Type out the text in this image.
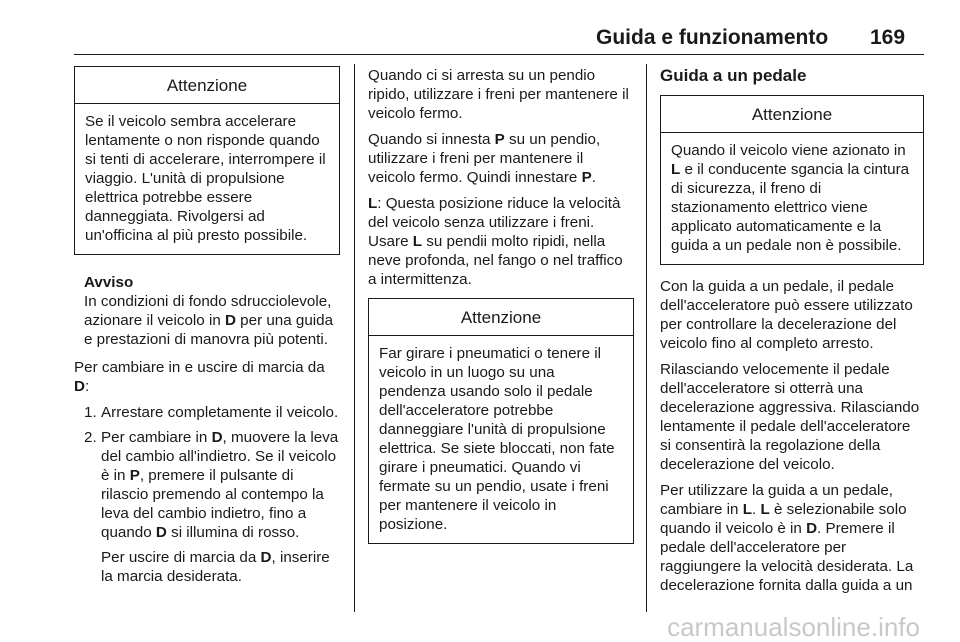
Guida e funzionamento 169
Attenzione
Se il veicolo sembra accelerare lentamente o non risponde quando si tenti di accelerare, interrompere il viaggio. L'unità di propulsione elettrica potrebbe essere danneggiata. Rivolgersi ad un'officina al più presto possibile.
Avviso
In condizioni di fondo sdrucciolevole, azionare il veicolo in D per una guida e prestazioni di manovra più potenti.

Per cambiare in e uscire di marcia da D:

1. Arrestare completamente il veicolo.
2. Per cambiare in D, muovere la leva del cambio all'indietro. Se il veicolo è in P, premere il pulsante di rilascio premendo al contempo la leva del cambio indietro, fino a quando D si illumina di rosso.
Per uscire di marcia da D, inserire la marcia desiderata.

Quando ci si arresta su un pendio ripido, utilizzare i freni per mantenere il veicolo fermo.

Quando si innesta P su un pendio, utilizzare i freni per mantenere il veicolo fermo. Quindi innestare P.

L: Questa posizione riduce la velocità del veicolo senza utilizzare i freni. Usare L su pendii molto ripidi, nella neve profonda, nel fango o nel traffico a intermittenza.

Attenzione
Far girare i pneumatici o tenere il veicolo in un luogo su una pendenza usando solo il pedale dell'acceleratore potrebbe danneggiare l'unità di propulsione elettrica. Se siete bloccati, non fate girare i pneumatici. Quando vi fermate su un pendio, usate i freni per mantenere il veicolo in posizione.
Guida a un pedale
Attenzione
Quando il veicolo viene azionato in L e il conducente sgancia la cintura di sicurezza, il freno di stazionamento elettrico viene applicato automaticamente e la guida a un pedale non è possibile.

Con la guida a un pedale, il pedale dell'acceleratore può essere utilizzato per controllare la decelerazione del veicolo fino al completo arresto.

Rilasciando velocemente il pedale dell'acceleratore si otterrà una decelerazione aggressiva. Rilasciando lentamente il pedale dell'acceleratore si consentirà la regolazione della decelerazione del veicolo.

Per utilizzare la guida a un pedale, cambiare in L. L è selezionabile solo quando il veicolo è in D. Premere il pedale dell'acceleratore per raggiungere la velocità desiderata. La decelerazione fornita dalla guida a un

carmanualsonline.info
